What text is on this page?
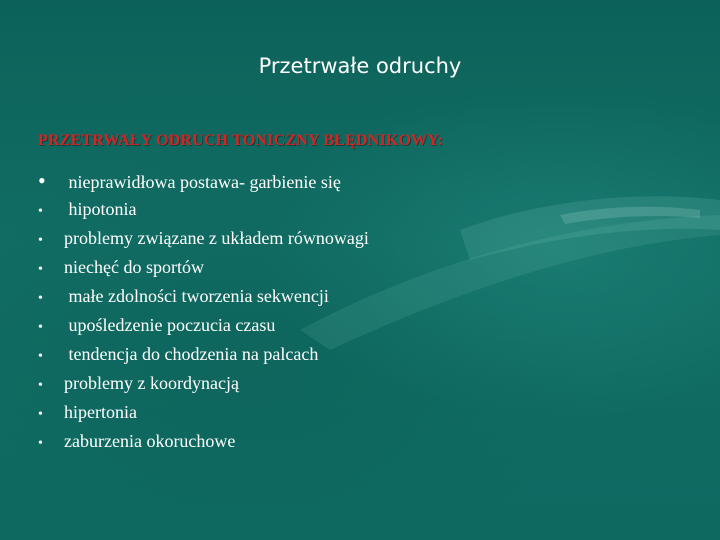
Przetrwałe odruchy
PRZETRWAŁY ODRUCH TONICZNY BŁĘDNIKOWY:
•	nieprawidłowa postawa- garbienie się
•	hipotonia
•	problemy związane z układem równowagi
•	niechęć do sportów
•	małe zdolności tworzenia sekwencji
•	upośledzenie poczucia czasu
•	tendencja do chodzenia na palcach
•	problemy z koordynacją
•	hipertonia
•	zaburzenia okoruchowe
